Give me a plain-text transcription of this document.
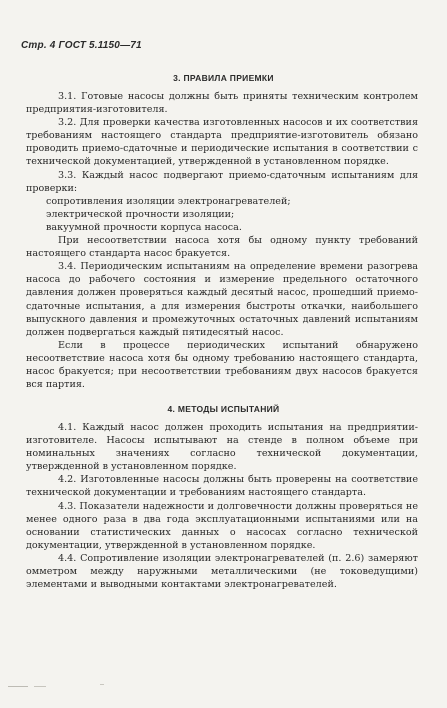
Стр. 4 ГОСТ 5.1150—71
3. ПРАВИЛА ПРИЕМКИ

3.1. Готовые насосы должны быть приняты техническим контролем предприятия-изготовителя.

3.2. Для проверки качества изготовленных насосов и их соответствия требованиям настоящего стандарта предприятие-изготовитель обязано проводить приемо-сдаточные и периодические испытания в соответствии с технической документацией, утвержденной в установленном порядке.

3.3. Каждый насос подвергают приемо-сдаточным испытаниям для проверки:

сопротивления изоляции электронагревателей;

электрической прочности изоляции;

вакуумной прочности корпуса насоса.

При несоответствии насоса хотя бы одному пункту требований настоящего стандарта насос бракуется.

3.4. Периодическим испытаниям на определение времени разогрева насоса до рабочего состояния и измерение предельного остаточного давления должен проверяться каждый десятый насос, прошедший приемо-сдаточные испытания, а для измерения быстроты откачки, наибольшего выпускного давления и промежуточных остаточных давлений испытаниям должен подвергаться каждый пятидесятый насос.

Если в процессе периодических испытаний обнаружено несоответствие насоса хотя бы одному требованию настоящего стандарта, насос бракуется; при несоответствии требованиям двух насосов бракуется вся партия.

4. МЕТОДЫ ИСПЫТАНИЙ

4.1. Каждый насос должен проходить испытания на предприятии-изготовителе. Насосы испытывают на стенде в полном объеме при номинальных значениях согласно технической документации, утвержденной в установленном порядке.

4.2. Изготовленные насосы должны быть проверены на соответствие технической документации и требованиям настоящего стандарта.

4.3. Показатели надежности и долговечности должны проверяться не менее одного раза в два года эксплуатационными испытаниями или на основании статистических данных о насосах согласно технической документации, утвержденной в установленном порядке.

4.4. Сопротивление изоляции электронагревателей (п. 2.6) замеряют омметром между наружными металлическими (не токоведущими) элементами и выводными контактами электронагревателей.
